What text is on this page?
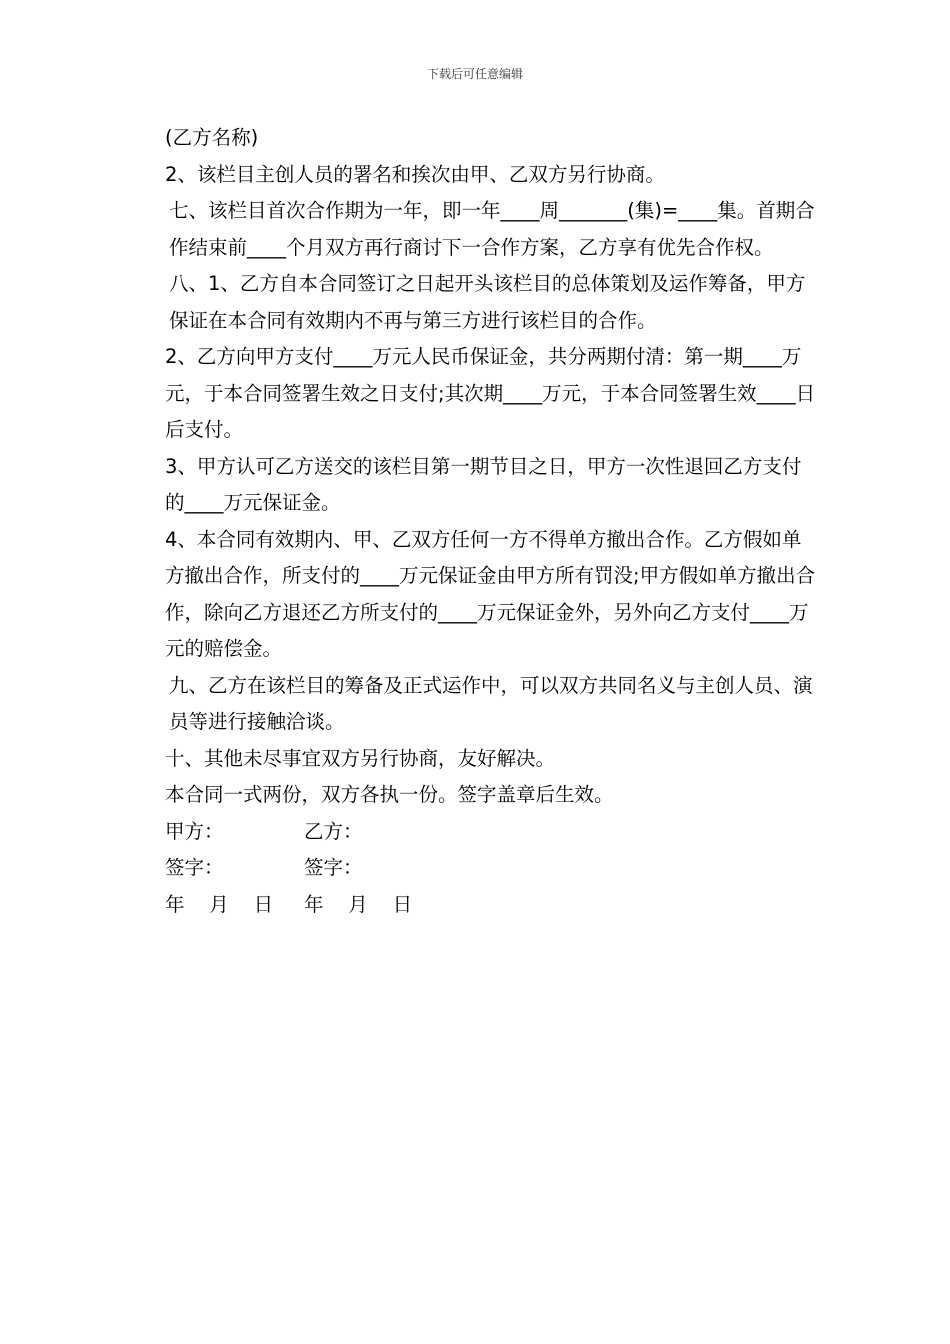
下载后可任意编辑

(乙方名称)

2、该栏目主创人员的署名和挨次由甲、乙双方另行协商。

七、该栏目首次合作期为一年，即一年____周_______(集)=____集。首期合作结束前____个月双方再行商讨下一合作方案，乙方享有优先合作权。

八、1、乙方自本合同签订之日起开头该栏目的总体策划及运作筹备，甲方保证在本合同有效期内不再与第三方进行该栏目的合作。

2、乙方向甲方支付____万元人民币保证金，共分两期付清：第一期____万元，于本合同签署生效之日支付;其次期____万元，于本合同签署生效____日后支付。

3、甲方认可乙方送交的该栏目第一期节目之日，甲方一次性退回乙方支付的____万元保证金。

4、本合同有效期内、甲、乙双方任何一方不得单方撤出合作。乙方假如单方撤出合作，所支付的____万元保证金由甲方所有罚没;甲方假如单方撤出合作，除向乙方退还乙方所支付的____万元保证金外，另外向乙方支付____万元的赔偿金。

九、乙方在该栏目的筹备及正式运作中，可以双方共同名义与主创人员、演员等进行接触洽谈。

十、其他未尽事宜双方另行协商，友好解决。

本合同一式两份，双方各执一份。签字盖章后生效。

甲方：	乙方：
签字：	签字：
年    月    日 年    月    日
